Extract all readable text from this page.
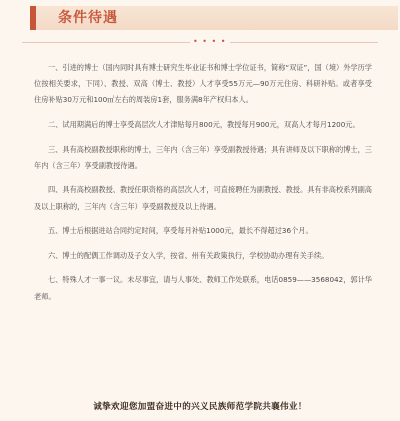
条件待遇
• • • •

一、引进的博士（国内同时具有博士研究生毕业证书和博士学位证书，简称“双证”，国（境）外学历学位按相关要求，下同）、教授、双高（博士、教授）人才享受55万元—90万元住房、科研补贴。或者享受住房补贴30万元和100㎡左右的周装房1套，服务满8年产权归本人。

二、试用期满后的博士享受高层次人才津贴每月800元，教授每月900元，双高人才每月1200元。

三、具有高校副教授职称的博士，三年内（含三年）享受副教授待遇；具有讲师及以下职称的博士，三年内（含三年）享受副教授待遇。

四、具有高校副教授、教授任职资格的高层次人才，可直接聘任为副教授、教授。具有非高校系列副高及以上职称的，三年内（含三年）享受副教授及以上待遇。

五、博士后根据进站合同约定时间，享受每月补贴1000元，最长不得超过36个月。

六、博士的配偶工作调动及子女入学，按省、州有关政策执行，学校协助办理有关手续。

七、特殊人才一事一议。未尽事宜，请与人事处、教师工作处联系，电话0859——3568042，郭计华老师。

诚挚欢迎您加盟奋进中的兴义民族师范学院共襄伟业！
